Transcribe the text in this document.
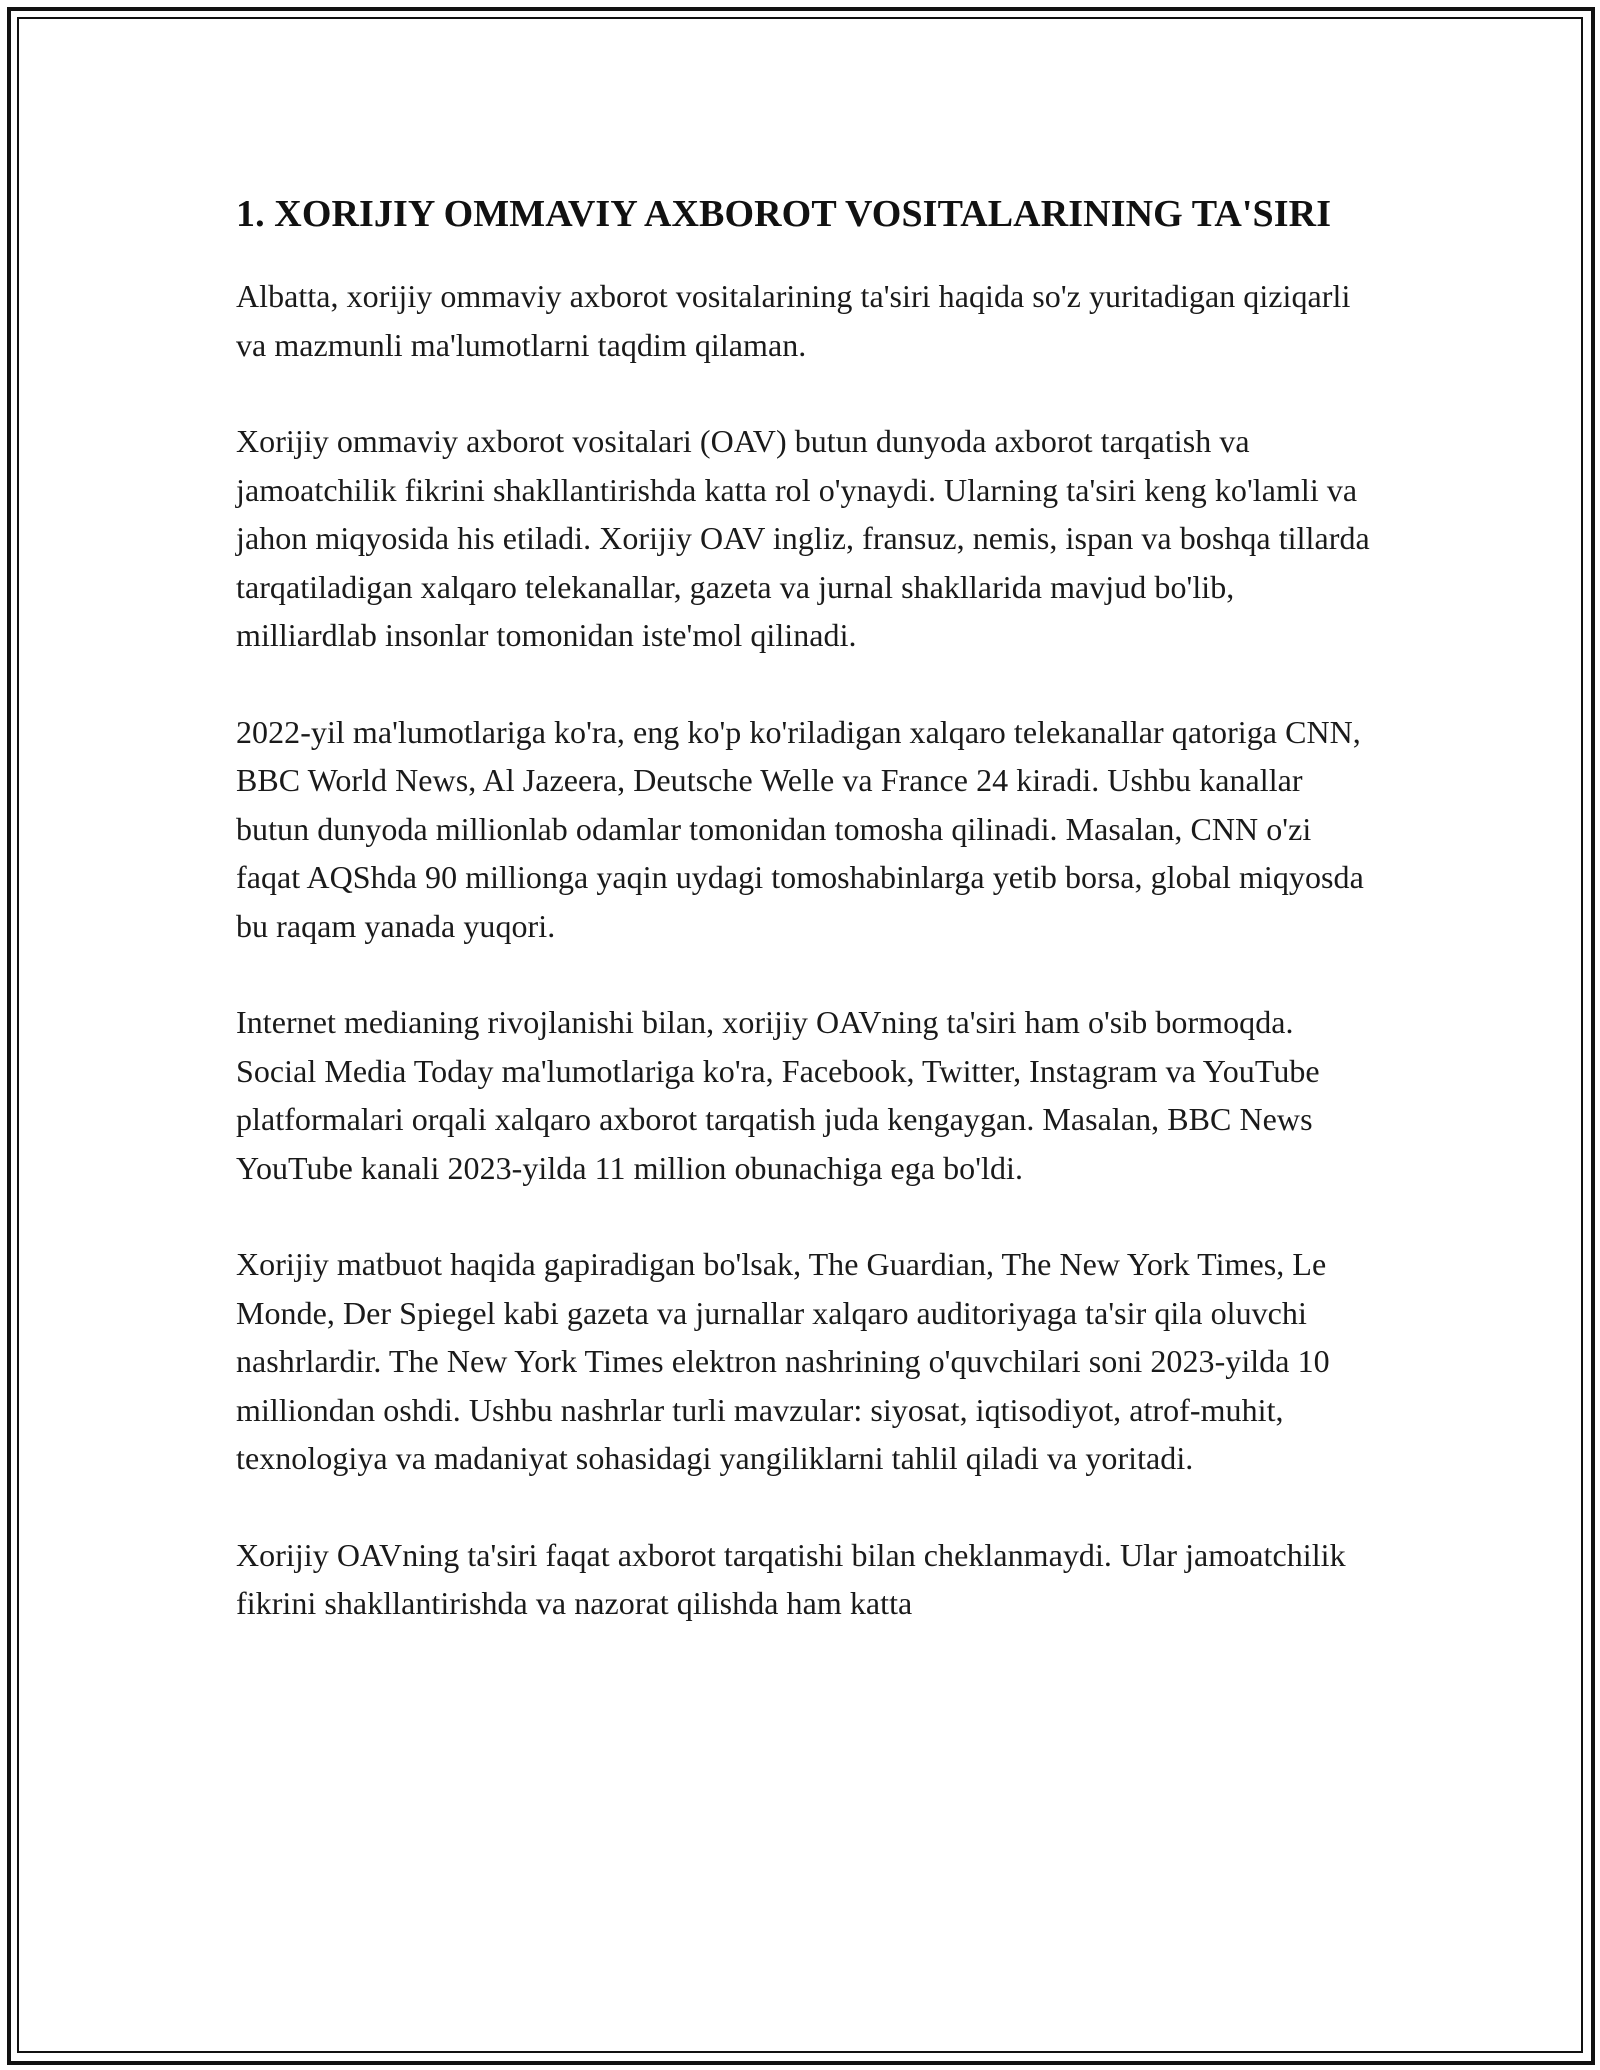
1. XORIJIY OMMAVIY AXBOROT VOSITALARINING TA'SIRI

Albatta, xorijiy ommaviy axborot vositalarining ta'siri haqida so'z yuritadigan qiziqarli va mazmunli ma'lumotlarni taqdim qilaman.

Xorijiy ommaviy axborot vositalari (OAV) butun dunyoda axborot tarqatish va jamoatchilik fikrini shakllantirishda katta rol o'ynaydi. Ularning ta'siri keng ko'lamli va jahon miqyosida his etiladi. Xorijiy OAV ingliz, fransuz, nemis, ispan va boshqa tillarda tarqatiladigan xalqaro telekanallar, gazeta va jurnal shakllarida mavjud bo'lib, milliardlab insonlar tomonidan iste'mol qilinadi.

2022-yil ma'lumotlariga ko'ra, eng ko'p ko'riladigan xalqaro telekanallar qatoriga CNN, BBC World News, Al Jazeera, Deutsche Welle va France 24 kiradi. Ushbu kanallar butun dunyoda millionlab odamlar tomonidan tomosha qilinadi. Masalan, CNN o'zi faqat AQShda 90 millionga yaqin uydagi tomoshabinlarga yetib borsa, global miqyosda bu raqam yanada yuqori.

Internet medianing rivojlanishi bilan, xorijiy OAVning ta'siri ham o'sib bormoqda. Social Media Today ma'lumotlariga ko'ra, Facebook, Twitter, Instagram va YouTube platformalari orqali xalqaro axborot tarqatish juda kengaygan. Masalan, BBC News YouTube kanali 2023-yilda 11 million obunachiga ega bo'ldi.

Xorijiy matbuot haqida gapiradigan bo'lsak, The Guardian, The New York Times, Le Monde, Der Spiegel kabi gazeta va jurnallar xalqaro auditoriyaga ta'sir qila oluvchi nashrlardir. The New York Times elektron nashrining o'quvchilari soni 2023-yilda 10 milliondan oshdi. Ushbu nashrlar turli mavzular: siyosat, iqtisodiyot, atrof-muhit, texnologiya va madaniyat sohasidagi yangiliklarni tahlil qiladi va yoritadi.

Xorijiy OAVning ta'siri faqat axborot tarqatishi bilan cheklanmaydi. Ular jamoatchilik fikrini shakllantirishda va nazorat qilishda ham katta
